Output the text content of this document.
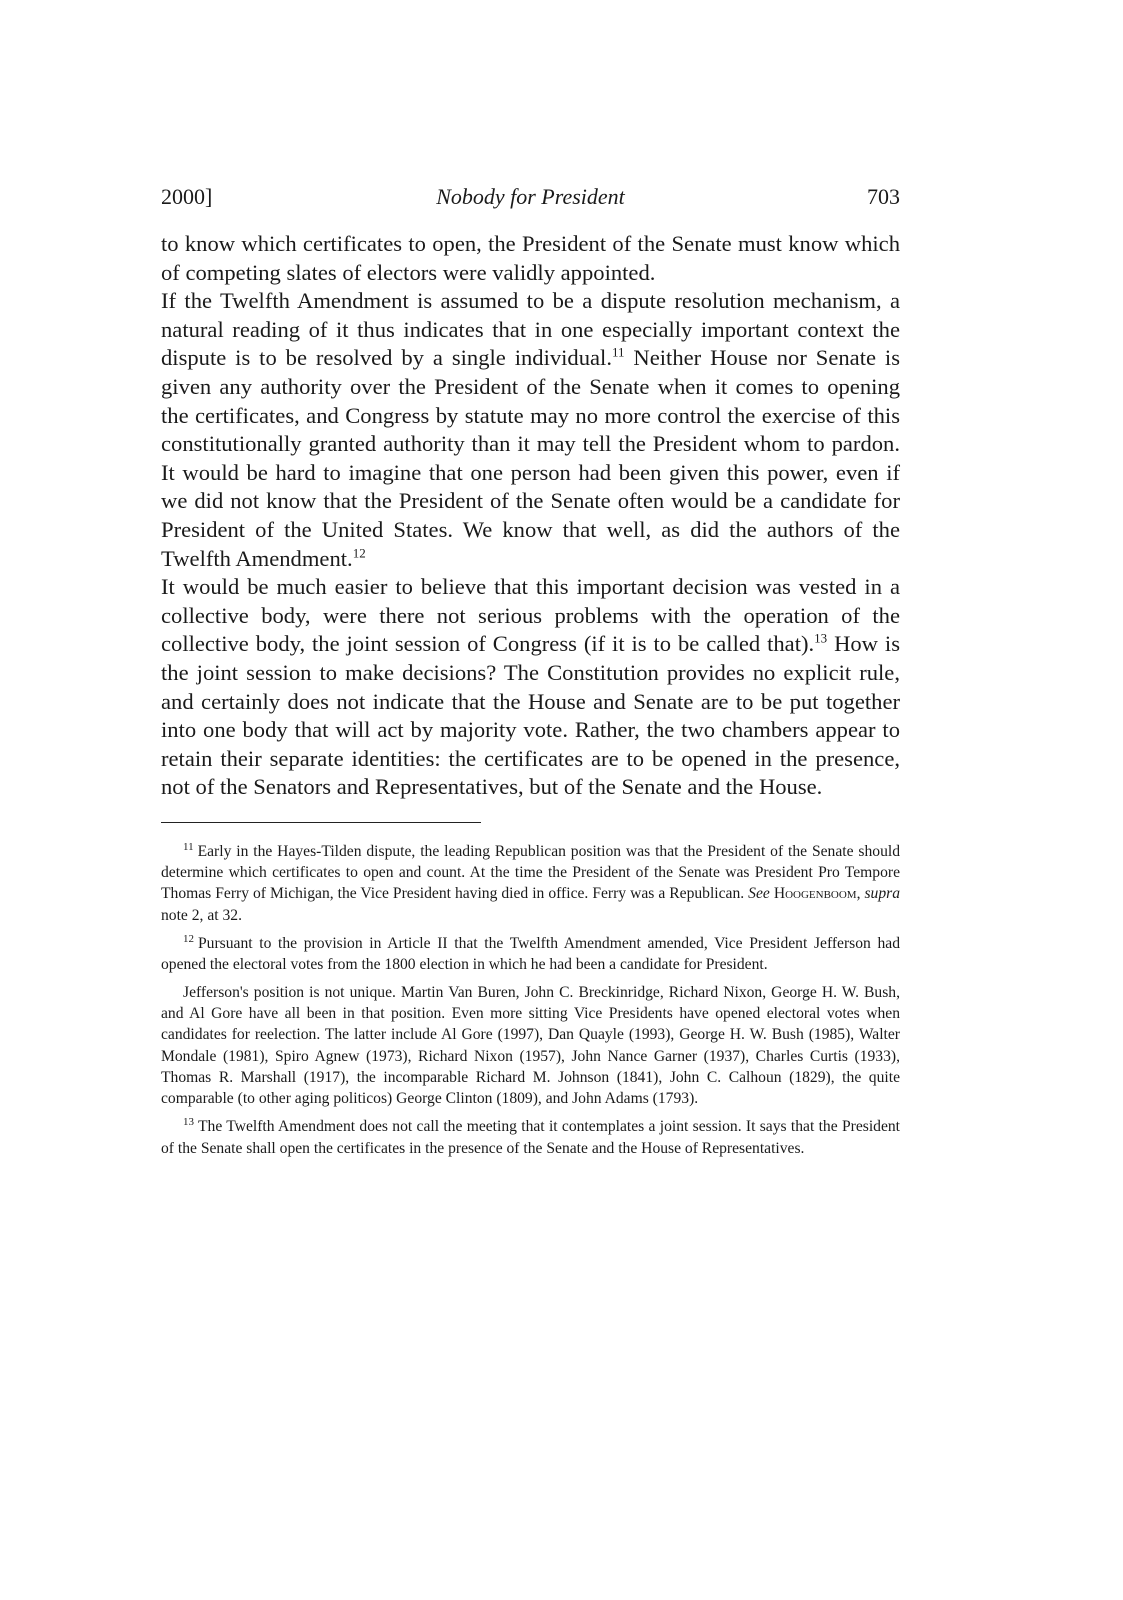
2000]	Nobody for President	703

to know which certificates to open, the President of the Senate must know which of competing slates of electors were validly appointed.

If the Twelfth Amendment is assumed to be a dispute resolution mechanism, a natural reading of it thus indicates that in one especially important context the dispute is to be resolved by a single individual.$^{11}$ Neither House nor Senate is given any authority over the President of the Senate when it comes to opening the certificates, and Congress by statute may no more control the exercise of this constitutionally granted authority than it may tell the President whom to pardon. It would be hard to imagine that one person had been given this power, even if we did not know that the President of the Senate often would be a candidate for President of the United States. We know that well, as did the authors of the Twelfth Amendment.$^{12}$

It would be much easier to believe that this important decision was vested in a collective body, were there not serious problems with the operation of the collective body, the joint session of Congress (if it is to be called that).$^{13}$ How is the joint session to make decisions? The Constitution provides no explicit rule, and certainly does not indicate that the House and Senate are to be put together into one body that will act by majority vote. Rather, the two chambers appear to retain their separate identities: the certificates are to be opened in the presence, not of the Senators and Representatives, but of the Senate and the House.

$^{11}$ Early in the Hayes-Tilden dispute, the leading Republican position was that the President of the Senate should determine which certificates to open and count. At the time the President of the Senate was President Pro Tempore Thomas Ferry of Michigan, the Vice President having died in office. Ferry was a Republican. See Hoogenboom, supra note 2, at 32.

$^{12}$ Pursuant to the provision in Article II that the Twelfth Amendment amended, Vice President Jefferson had opened the electoral votes from the 1800 election in which he had been a candidate for President.

Jefferson's position is not unique. Martin Van Buren, John C. Breckinridge, Richard Nixon, George H. W. Bush, and Al Gore have all been in that position. Even more sitting Vice Presidents have opened electoral votes when candidates for reelection. The latter include Al Gore (1997), Dan Quayle (1993), George H. W. Bush (1985), Walter Mondale (1981), Spiro Agnew (1973), Richard Nixon (1957), John Nance Garner (1937), Charles Curtis (1933), Thomas R. Marshall (1917), the incomparable Richard M. Johnson (1841), John C. Calhoun (1829), the quite comparable (to other aging politicos) George Clinton (1809), and John Adams (1793).

$^{13}$ The Twelfth Amendment does not call the meeting that it contemplates a joint session. It says that the President of the Senate shall open the certificates in the presence of the Senate and the House of Representatives.
